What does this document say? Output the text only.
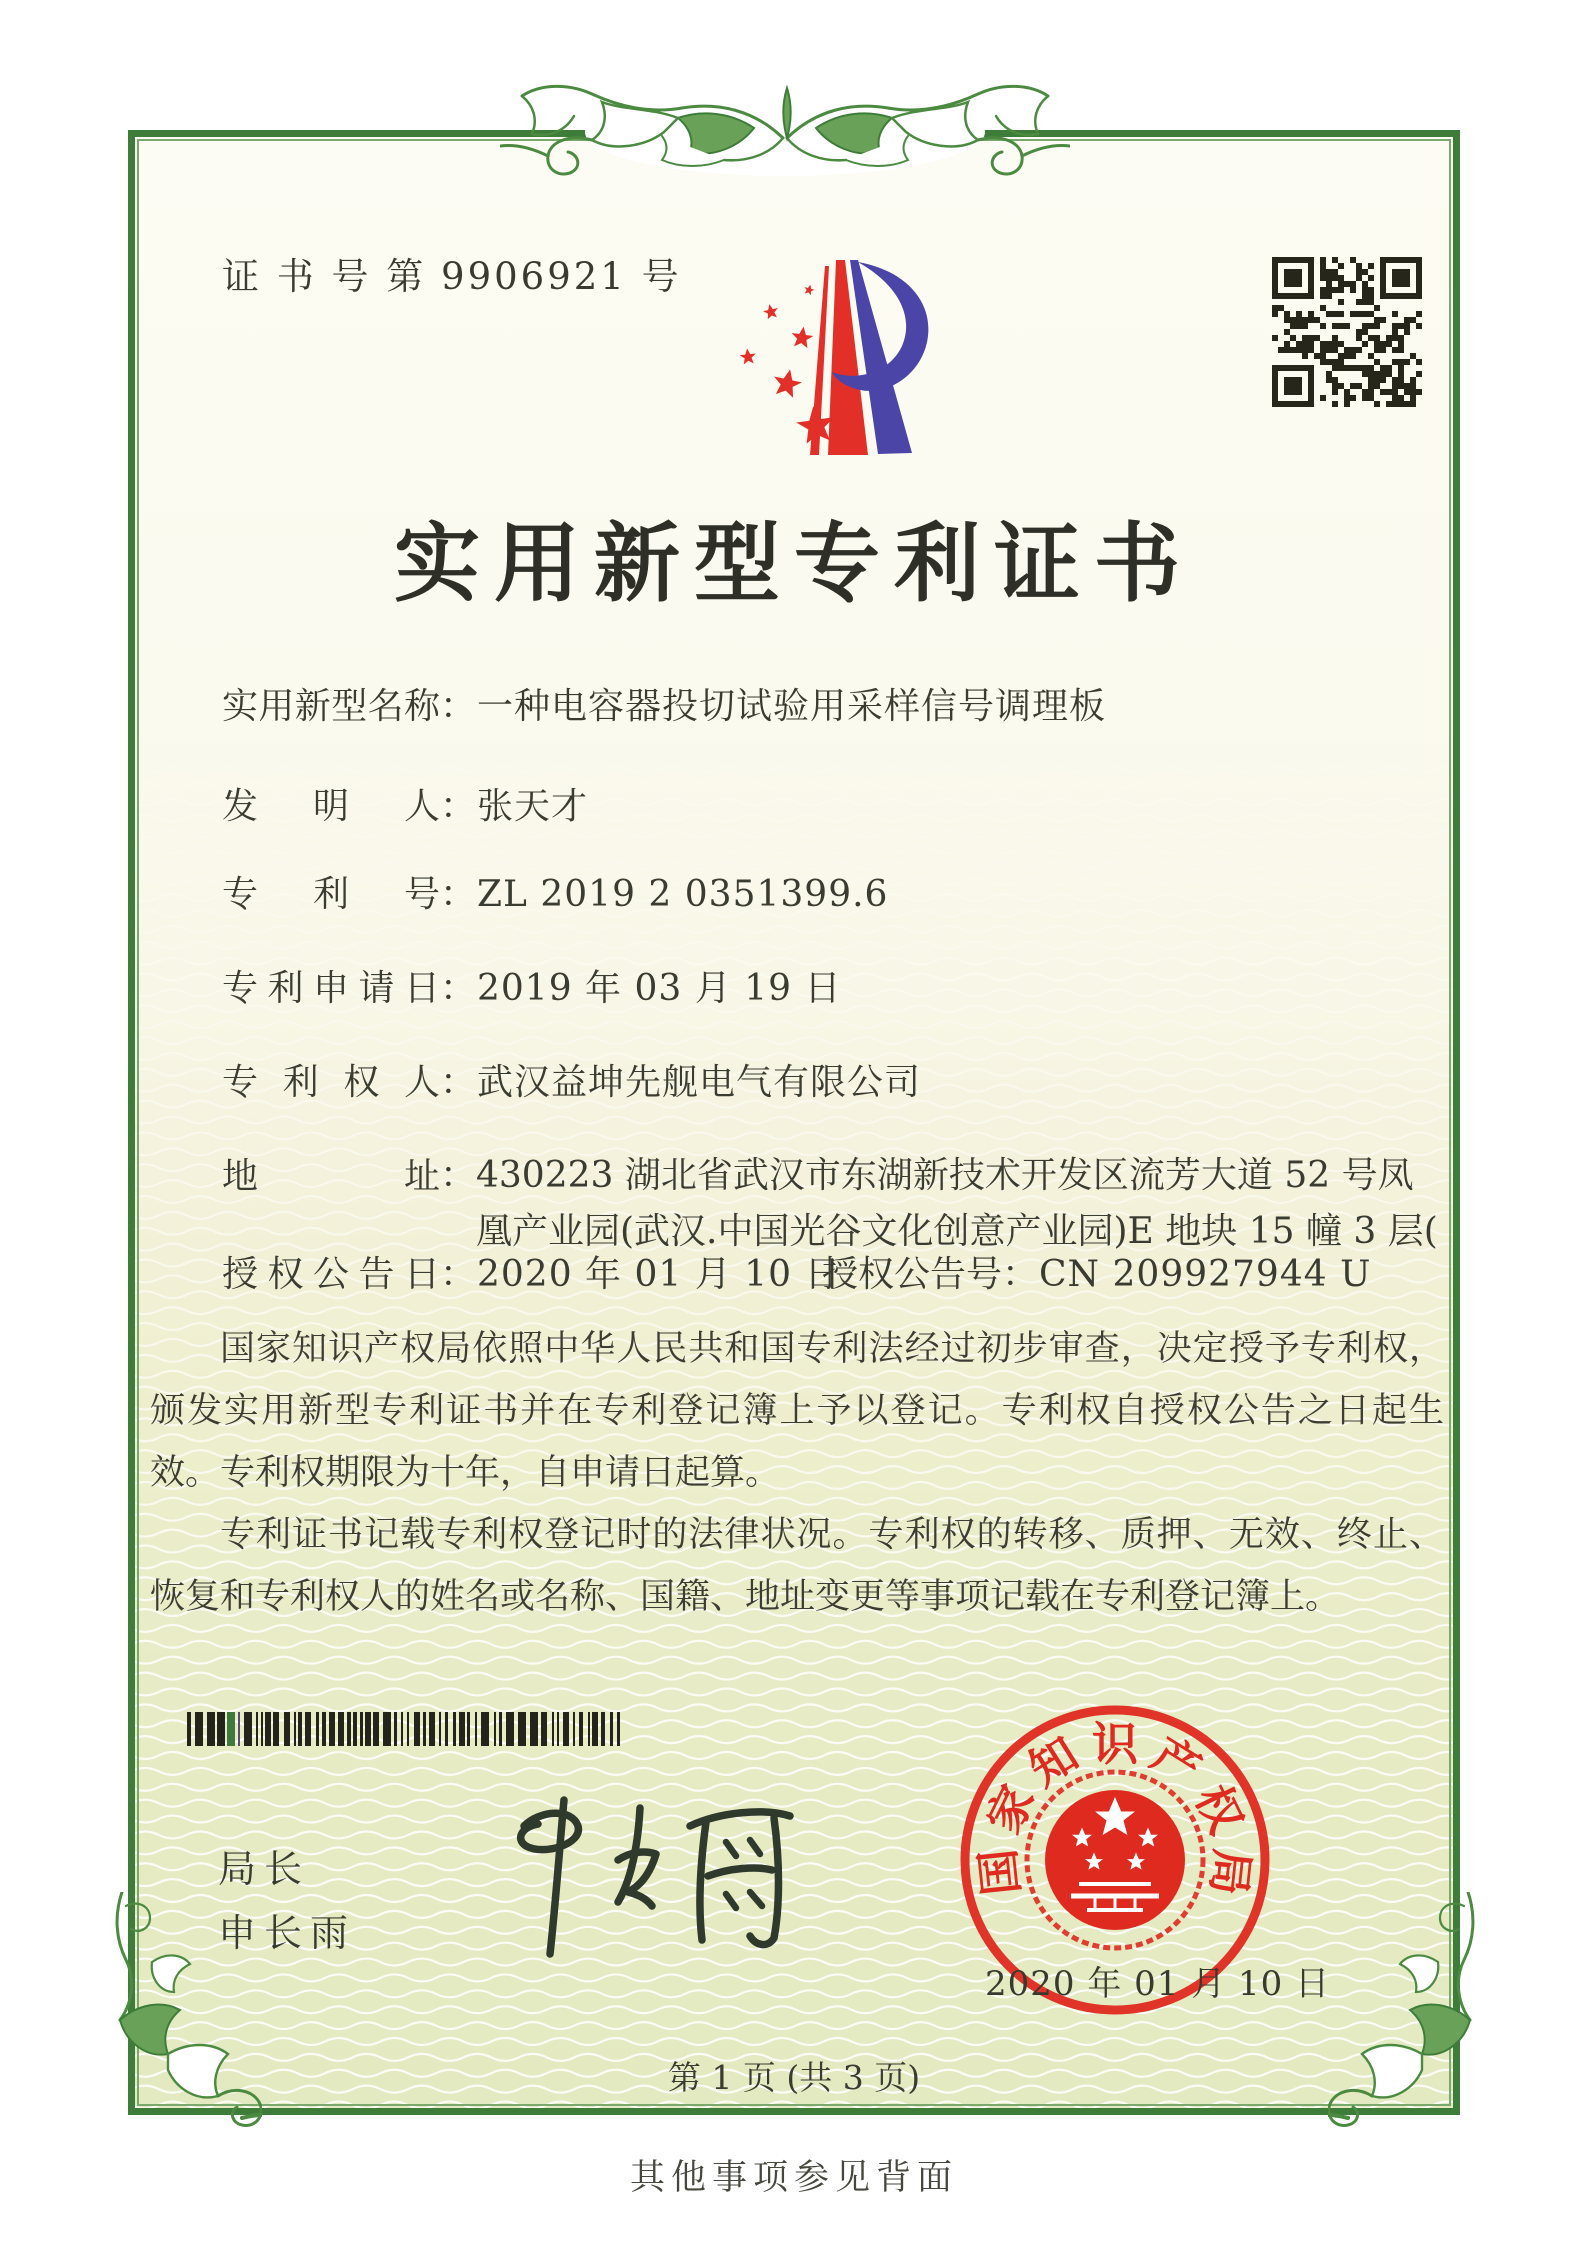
证 书 号 第 9906921 号
实用新型专利证书
实用新型名称：一种电容器投切试验用采样信号调理板
发明人：张天才
专利号：ZL 2019 2 0351399.6
专利申请日：2019 年 03 月 19 日
专利权人：武汉益坤先舰电气有限公司
地址：430223 湖北省武汉市东湖新技术开发区流芳大道 52 号凤
凰产业园(武汉.中国光谷文化创意产业园)E 地块 15 幢 3 层(
授权公告日：2020 年 01 月 10 日
授权公告号：CN 209927944 U

国家知识产权局依照中华人民共和国专利法经过初步审查，决定授予专利权，颁发实用新型专利证书并在专利登记簿上予以登记。专利权自授权公告之日起生效。专利权期限为十年，自申请日起算。

专利证书记载专利权登记时的法律状况。专利权的转移、质押、无效、终止、恢复和专利权人的姓名或名称、国籍、地址变更等事项记载在专利登记簿上。

局长
申长雨
国
家
知 识 产
权
局
2020 年 01 月 10 日
第 1 页 (共 3 页)
其他事项参见背面
